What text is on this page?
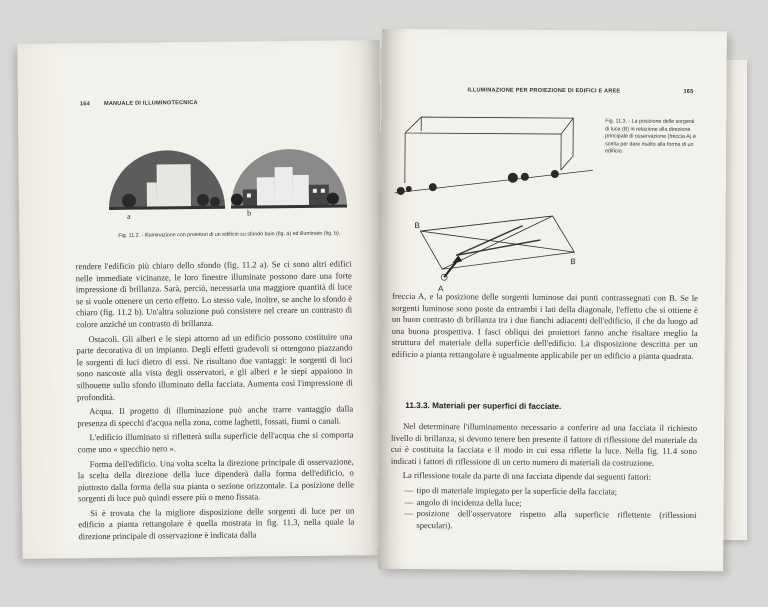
164 MANUALE DI ILLUMINOTECNICA
a	b
Fig. 11.2. - Illuminazione con proiettori di un edificio su sfondo buio (fig. a) ed illuminato (fig. b).

rendere l'edificio più chiaro dello sfondo (fig. 11.2 a). Se ci sono altri edifici nelle immediate vicinanze, le loro finestre illuminate possono dare una forte impressione di brillanza. Sarà, perciò, necessaria una maggiore quantità di luce se si vuole ottenere un certo effetto. Lo stesso vale, inoltre, se anche lo sfondo è chiaro (fig. 11.2 b). Un'altra soluzione può consistere nel creare un contrasto di colore anziché un contrasto di brillanza.

Ostacoli. Gli alberi e le siepi attorno ad un edificio possono costituire una parte decorativa di un impianto. Degli effetti gradevoli si ottengono piazzando le sorgenti di luci dietro di essi. Ne risultano due vantaggi: le sorgenti di luci sono nascoste alla vista degli osservatori, e gli alberi e le siepi appaiono in silhouette sullo sfondo illuminato della facciata. Aumenta così l'impressione di profondità.

Acqua. Il progetto di illuminazione può anche trarre vantaggio dalla presenza di specchi d'acqua nella zona, come laghetti, fossati, fiumi o canali.

L'edificio illuminato si rifletterà sulla superficie dell'acqua che si comporta come uno « specchio nero ».

Forma dell'edificio. Una volta scelta la direzione principale di osservazione, la scelta della direzione della luce dipenderà dalla forma dell'edificio, o piuttosto dalla forma della sua pianta o sezione orizzontale. La posizione delle sorgenti di luce può quindi essere più o meno fissata.

Si è trovata che la migliore disposizione delle sorgenti di luce per un edificio a pianta rettangolare è quella mostrata in fig. 11.3, nella quale la direzione principale di osservazione è indicata dalla

ILLUMINAZIONE PER PROIEZIONE DI EDIFICI E AREE	165
B
B
A
Fig. 11.3. - La posizione delle sorgenti di luce (B) in relazione alla direzione principale di osservazione (freccia A) è scelta per dare risalto alla forma di un edificio.

freccia A, e la posizione delle sorgenti luminose dai punti contrassegnati con B. Se le sorgenti luminose sono poste da entrambi i lati della diagonale, l'effetto che si ottiene è un buon contrasto di brillanza tra i due fianchi adiacenti dell'edificio, il che da luogo ad una buona prospettiva. I fasci obliqui dei proiettori fanno anche risaltare meglio la struttura del materiale della superficie dell'edificio. La disposizione descritta per un edificio a pianta rettangolare è ugualmente applicabile per un edificio a pianta quadrata.

11.3.3. Materiali per superfici di facciate.

Nel determinare l'illuminamento necessario a conferire ad una facciata il richiesto livello di brillanza, si devono tenere ben presente il fattore di riflessione del materiale da cui è costituita la facciata e il modo in cui essa riflette la luce. Nella fig. 11.4 sono indicati i fattori di riflessione di un certo numero di materiali da costruzione.

La riflessione totale da parte di una facciata dipende dai seguenti fattori:

— tipo di materiale impiegato per la superficie della facciata;
— angolo di incidenza della luce;
— posizione dell'osservatore rispetto alla superficie riflettente (riflessioni speculari).
